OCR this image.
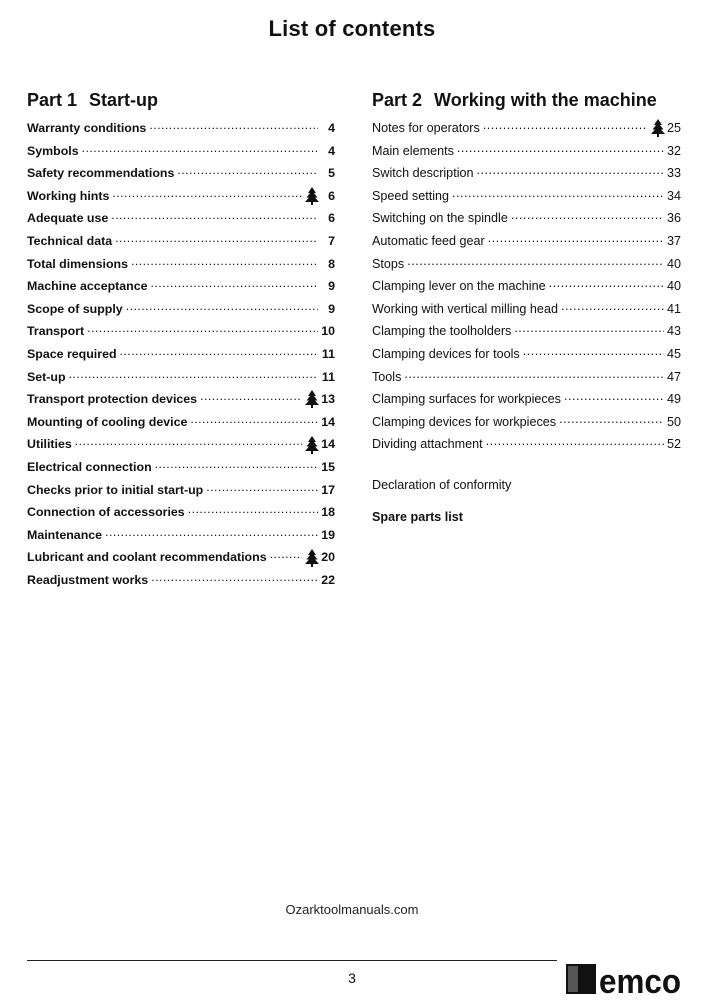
List of contents
Part 1 Start-up
Warranty conditions . . .	4
Symbols . . .	4
Safety recommendations . . .	5
Working hints . . .	6
Adequate use . . .	6
Technical data . . .	7
Total dimensions . . .	8
Machine acceptance . . .	9
Scope of supply . . .	9
Transport . . .	10
Space required . . .	11
Set-up . . .	11
Transport protection devices . . .	13
Mounting of cooling device . . .	14
Utilities . . .	14
Electrical connection . . .	15
Checks prior to initial start-up . . .	17
Connection of accessories . . .	18
Maintenance . . .	19
Lubricant and coolant recommendations . . .	20
Readjustment works . . .	22
Part 2 Working with the machine
Notes for operators . . .	25
Main elements . . .	32
Switch description . . .	33
Speed setting . . .	34
Switching on the spindle . . .	36
Automatic feed gear . . .	37
Stops . . .	40
Clamping lever on the machine . . .	40
Working with vertical milling head . . .	41
Clamping the toolholders . . .	43
Clamping devices for tools . . .	45
Tools . . .	47
Clamping surfaces for workpieces . . .	49
Clamping devices for workpieces . . .	50
Dividing attachment . . .	52
Declaration of conformity
Spare parts list
Ozarktoolmanuals.com
3	emco
